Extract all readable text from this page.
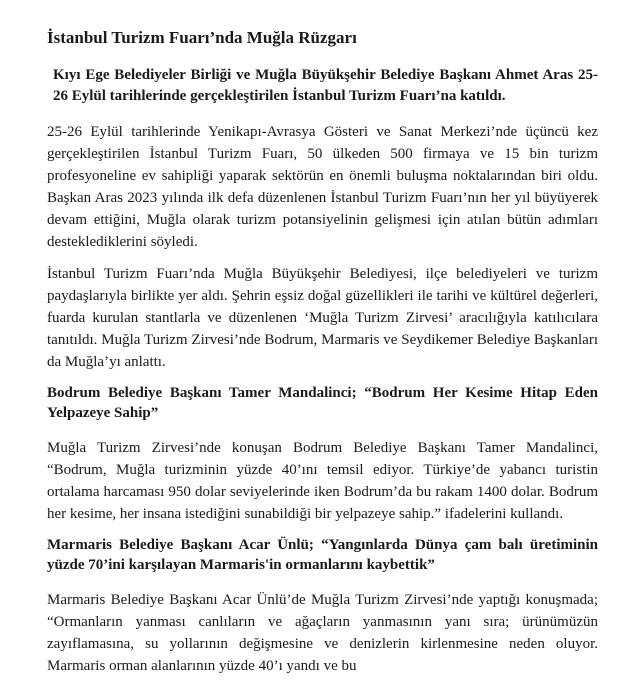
İstanbul Turizm Fuarı’nda Muğla Rüzgarı

Kıyı Ege Belediyeler Birliği ve Muğla Büyükşehir Belediye Başkanı Ahmet Aras 25-26 Eylül tarihlerinde gerçekleştirilen İstanbul Turizm Fuarı’na katıldı.

25-26 Eylül tarihlerinde Yenikapı-Avrasya Gösteri ve Sanat Merkezi’nde üçüncü kez gerçekleştirilen İstanbul Turizm Fuarı, 50 ülkeden 500 firmaya ve 15 bin turizm profesyoneline ev sahipliği yaparak sektörün en önemli buluşma noktalarından biri oldu. Başkan Aras 2023 yılında ilk defa düzenlenen İstanbul Turizm Fuarı’nın her yıl büyüyerek devam ettiğini, Muğla olarak turizm potansiyelinin gelişmesi için atılan bütün adımları desteklediklerini söyledi.

İstanbul Turizm Fuarı’nda Muğla Büyükşehir Belediyesi, ilçe belediyeleri ve turizm paydaşlarıyla birlikte yer aldı. Şehrin eşsiz doğal güzellikleri ile tarihi ve kültürel değerleri, fuarda kurulan stantlarla ve düzenlenen ‘Muğla Turizm Zirvesi’ aracılığıyla katılıcılara tanıtıldı. Muğla Turizm Zirvesi’nde Bodrum, Marmaris ve Seydikemer Belediye Başkanları da Muğla’yı anlattı.

Bodrum Belediye Başkanı Tamer Mandalinci; “Bodrum Her Kesime Hitap Eden Yelpazeye Sahip”

Muğla Turizm Zirvesi’nde konuşan Bodrum Belediye Başkanı Tamer Mandalinci, “Bodrum, Muğla turizminin yüzde 40’ını temsil ediyor. Türkiye’de yabancı turistin ortalama harcaması 950 dolar seviyelerinde iken Bodrum’da bu rakam 1400 dolar. Bodrum her kesime, her insana istediğini sunabildiği bir yelpazeye sahip.” ifadelerini kullandı.

Marmaris Belediye Başkanı Acar Ünlü; “Yangınlarda Dünya çam balı üretiminin yüzde 70’ini karşılayan Marmaris'in ormanlarını kaybettik”

Marmaris Belediye Başkanı Acar Ünlü’de Muğla Turizm Zirvesi’nde yaptığı konuşmada; “Ormanların yanması canlıların ve ağaçların yanmasının yanı sıra; ürünümüzün zayıflamasına, su yollarının değişmesine ve denizlerin kirlenmesine neden oluyor. Marmaris orman alanlarının yüzde 40’ı yandı ve bu
